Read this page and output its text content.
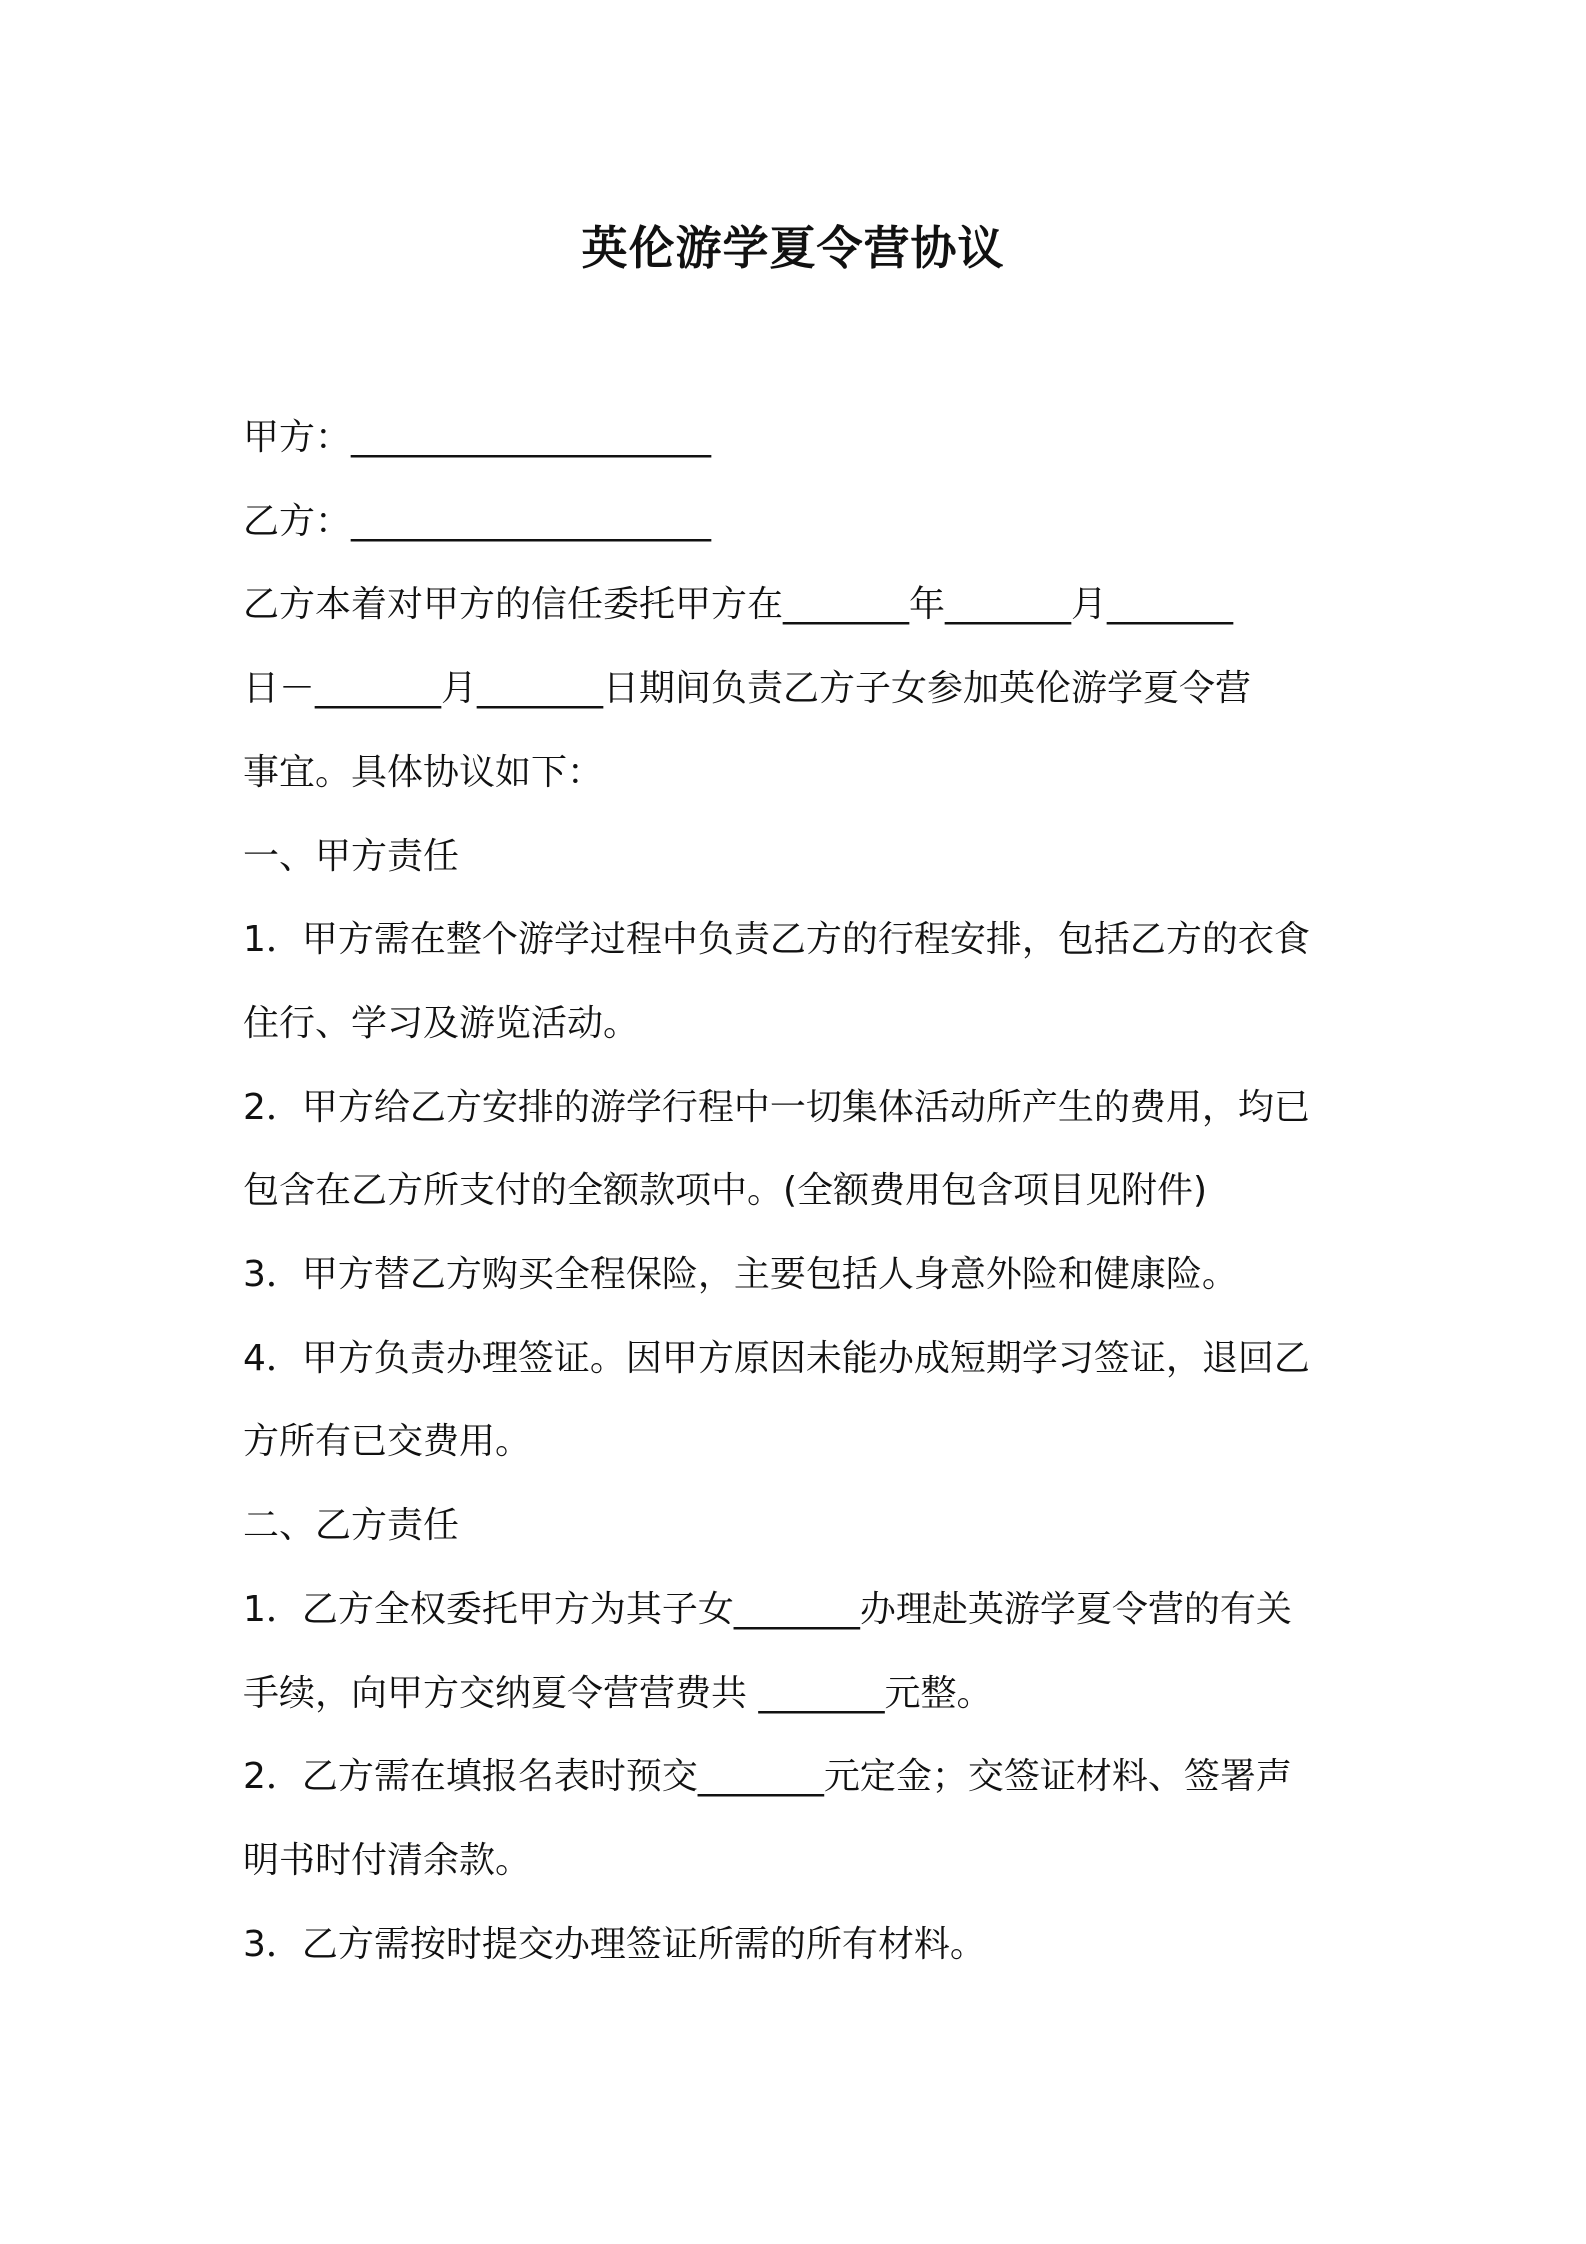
英伦游学夏令营协议
甲方：____________________
乙方：____________________
乙方本着对甲方的信任委托甲方在_______年_______月_______
日－_______月_______日期间负责乙方子女参加英伦游学夏令营
事宜。具体协议如下：
一、甲方责任
1．甲方需在整个游学过程中负责乙方的行程安排，包括乙方的衣食
住行、学习及游览活动。
2．甲方给乙方安排的游学行程中一切集体活动所产生的费用，均已
包含在乙方所支付的全额款项中。(全额费用包含项目见附件)
3．甲方替乙方购买全程保险，主要包括人身意外险和健康险。
4．甲方负责办理签证。因甲方原因未能办成短期学习签证，退回乙
方所有已交费用。
二、乙方责任
1．乙方全权委托甲方为其子女_______办理赴英游学夏令营的有关
手续，向甲方交纳夏令营营费共 _______元整。
2．乙方需在填报名表时预交_______元定金；交签证材料、签署声
明书时付清余款。
3．乙方需按时提交办理签证所需的所有材料。
